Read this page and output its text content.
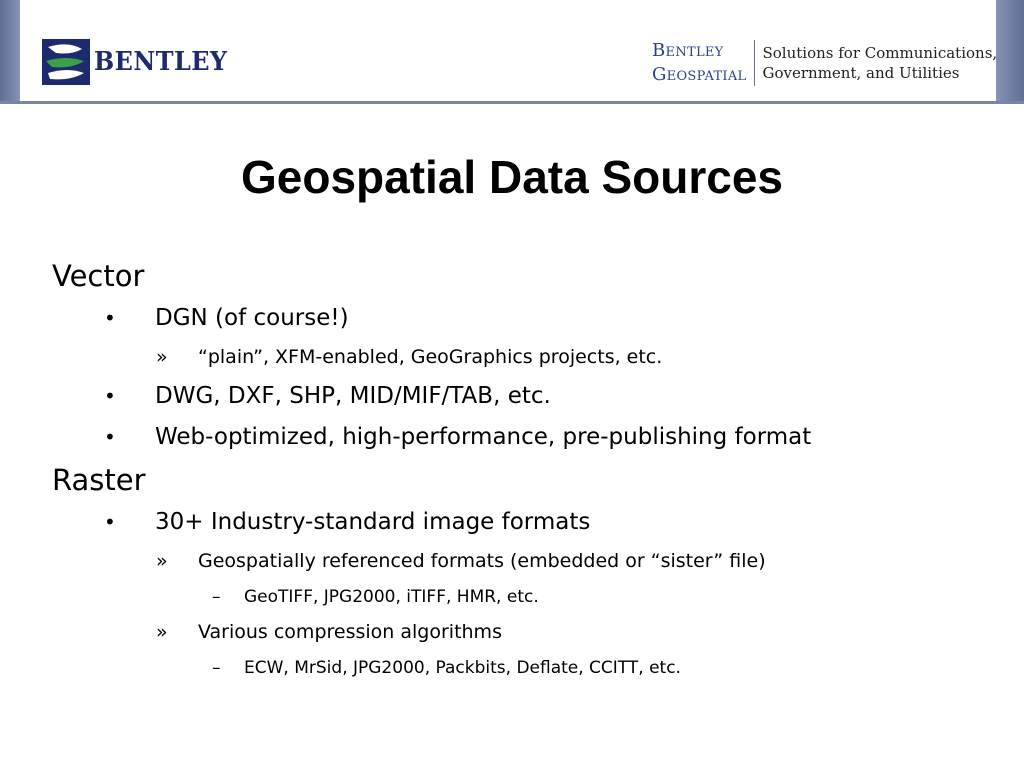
BENTLEY	Bentley
Geospatial
Solutions for Communications,
Government, and Utilities
Geospatial Data Sources
Vector
• DGN (of course!)
» “plain”, XFM-enabled, GeoGraphics projects, etc.
• DWG, DXF, SHP, MID/MIF/TAB, etc.
• Web-optimized, high-performance, pre-publishing format
Raster
• 30+ Industry-standard image formats
» Geospatially referenced formats (embedded or “sister” file)
– GeoTIFF, JPG2000, iTIFF, HMR, etc.
» Various compression algorithms
– ECW, MrSid, JPG2000, Packbits, Deflate, CCITT, etc.
